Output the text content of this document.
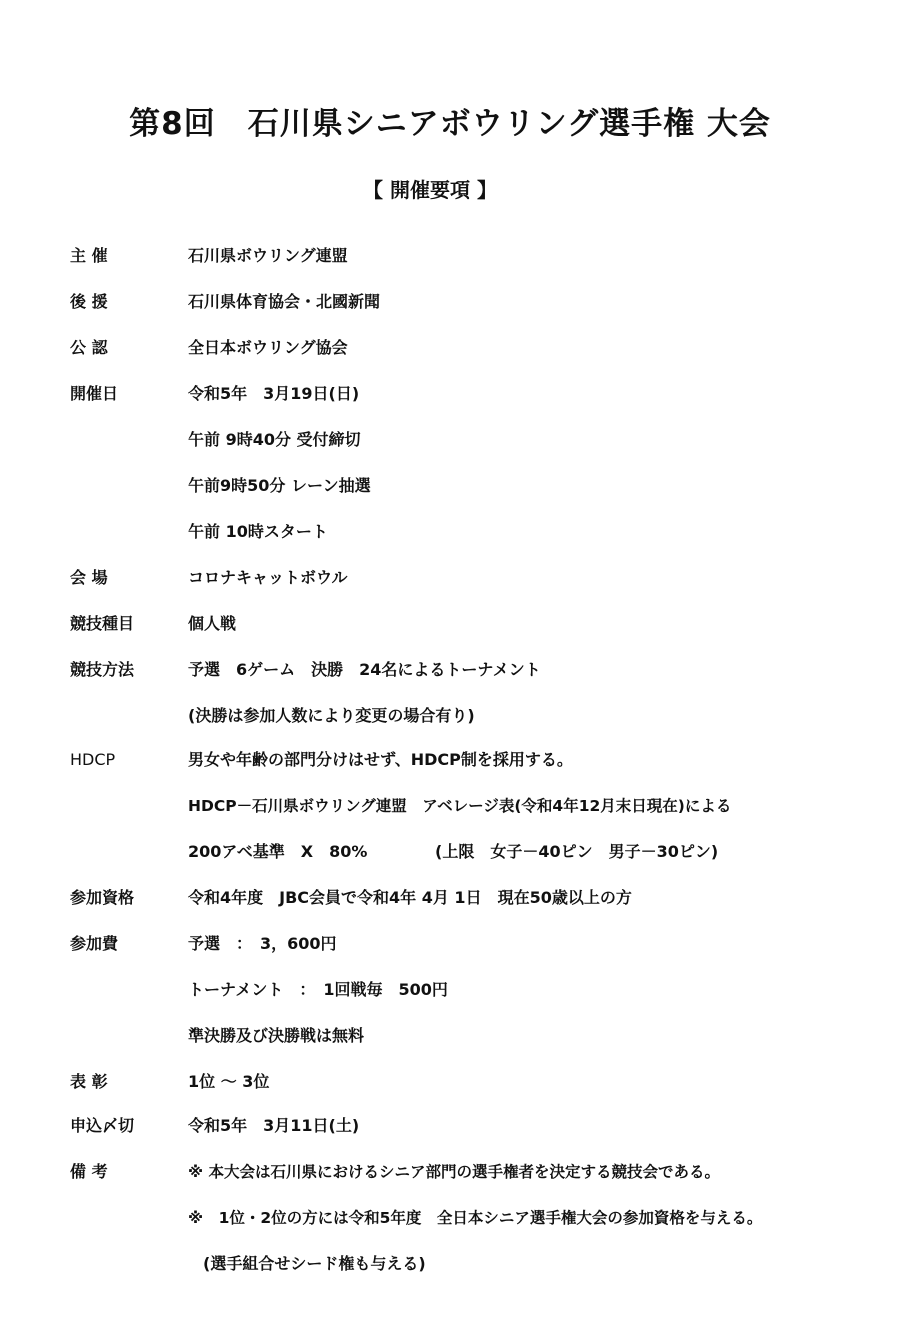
第8回　石川県シニアボウリング選手権 大会
【 開催要項 】
主 催	石川県ボウリング連盟
後 援	石川県体育協会・北國新聞
公 認	全日本ボウリング協会
開催日	令和5年　3月19日(日)
午前 9時40分 受付締切
午前9時50分 レーン抽選
午前 10時スタート
会 場	コロナキャットボウル
競技種目	個人戦
競技方法	予選　6ゲーム　決勝　24名によるトーナメント
(決勝は参加人数により変更の場合有り)
HDCP	男女や年齢の部門分けはせず、HDCP制を採用する。
HDCP－石川県ボウリング連盟　アベレージ表(令和4年12月末日現在)による
200アベ基準　X　80%	(上限　女子－40ピン　男子－30ピン)
参加資格	令和4年度　JBC会員で令和4年 4月 1日　現在50歳以上の方
参加費	予選　：　3，600円
トーナメント　：　1回戦毎　500円
準決勝及び決勝戦は無料
表 彰	1位 ～ 3位
申込〆切	令和5年　3月11日(土)
備 考	※ 本大会は石川県におけるシニア部門の選手権者を決定する競技会である。
※　1位・2位の方には令和5年度　全日本シニア選手権大会の参加資格を与える。
(選手組合せシード権も与える)
